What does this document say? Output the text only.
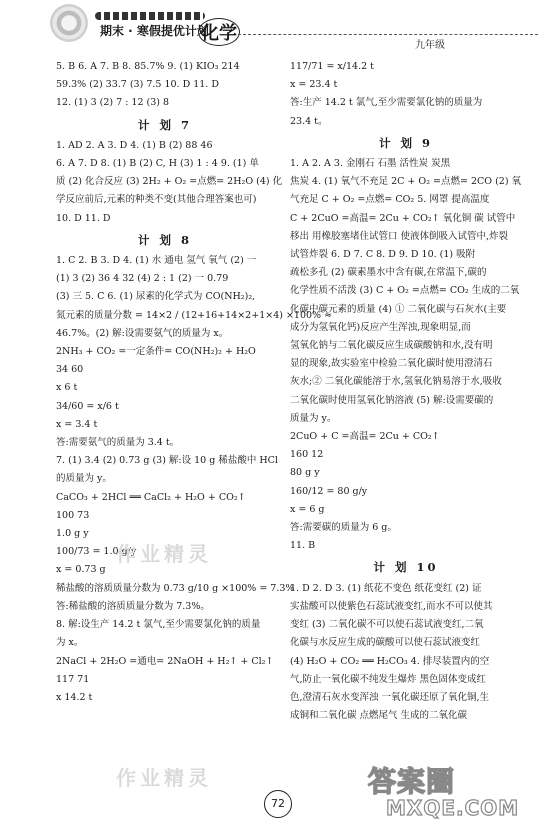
期末 · 寒假提优计划
化学
九年级
5. B 6. A 7. B 8. 85.7% 9. (1) KIO₃ 214
59.3% (2) 33.7 (3) 7.5 10. D 11. D
12. (1) 3 (2) 7 : 12 (3) 8
计 划 7
1. AD 2. A 3. D 4. (1) B (2) 88 46
6. A 7. D 8. (1) B (2) C, H (3) 1 : 4 9. (1) 单
质 (2) 化合反应 (3) 2H₂ + O₂ =点燃= 2H₂O (4) 化
学反应前后,元素的种类不变(其他合理答案也可)
10. D 11. D
计 划 8
1. C 2. B 3. D 4. (1) 水 通电 氢气 氧气 (2) 一
(1) 3 (2) 36 4 32 (4) 2 : 1 (2) 一 0.79
(3) 三 5. C 6. (1) 尿素的化学式为 CO(NH₂)₂,
氮元素的质量分数 = 14×2 / (12+16+14×2+1×4) ×100% ≈
46.7%。(2) 解:设需要氨气的质量为 x。
2NH₃ + CO₂ =一定条件= CO(NH₂)₂ + H₂O
34 60
x 6 t
34/60 = x/6 t
x = 3.4 t
答:需要氨气的质量为 3.4 t。
7. (1) 3.4 (2) 0.73 g (3) 解:设 10 g 稀盐酸中 HCl
的质量为 y。
CaCO₃ + 2HCl ══ CaCl₂ + H₂O + CO₂↑
100 73
1.0 g y
100/73 = 1.0 g/y
x = 0.73 g
稀盐酸的溶质质量分数为 0.73 g/10 g ×100% = 7.3%
答:稀盐酸的溶质质量分数为 7.3%。
8. 解:设生产 14.2 t 氯气,至少需要氯化钠的质量
为 x。
2NaCl + 2H₂O =通电= 2NaOH + H₂↑ + Cl₂↑
117 71
x 14.2 t
117/71 = x/14.2 t
x = 23.4 t
答:生产 14.2 t 氯气,至少需要氯化钠的质量为
23.4 t。
计 划 9
1. A 2. A 3. 金刚石 石墨 活性炭 炭黑
焦炭 4. (1) 氧气不充足 2C + O₂ =点燃= 2CO (2) 氧
气充足 C + O₂ =点燃= CO₂ 5. 网罩 提高温度
C + 2CuO =高温= 2Cu + CO₂↑ 氧化铜 碳 试管中
移出 用橡胶塞堵住试管口 使液体倒吸入试管中,炸裂
试管炸裂 6. D 7. C 8. D 9. D 10. (1) 吸附
疏松多孔 (2) 碳素墨水中含有碳,在常温下,碳的
化学性质不活泼 (3) C + O₂ =点燃= CO₂ 生成的二氧
化碳中碳元素的质量 (4) ① 二氧化碳与石灰水(主要
成分为氢氧化钙)反应产生浑浊,现象明显,而
氢氧化钠与二氧化碳反应生成碳酸钠和水,没有明
显的现象,故实验室中检验二氧化碳时使用澄清石
灰水;② 二氧化碳能溶于水,氢氧化钠易溶于水,吸收
二氧化碳时使用氢氧化钠溶液 (5) 解:设需要碳的
质量为 y。
2CuO + C =高温= 2Cu + CO₂↑
160 12
80 g y
160/12 = 80 g/y
x = 6 g
答:需要碳的质量为 6 g。
11. B
计 划 10
1. D 2. D 3. (1) 纸花不变色 纸花变红 (2) 证
实盐酸可以使紫色石蕊试液变红,而水不可以使其
变红 (3) 二氧化碳不可以使石蕊试液变红,二氧
化碳与水反应生成的碳酸可以使石蕊试液变红
(4) H₂O + CO₂ ══ H₂CO₃ 4. 排尽装置内的空
气,防止一氧化碳不纯发生爆炸 黑色固体变成红
色,澄清石灰水变浑浊 一氧化碳还原了氧化铜,生
成铜和二氧化碳 点燃尾气 生成的二氧化碳
作业精灵
作业精灵
72
答案圈
MXQE.COM
